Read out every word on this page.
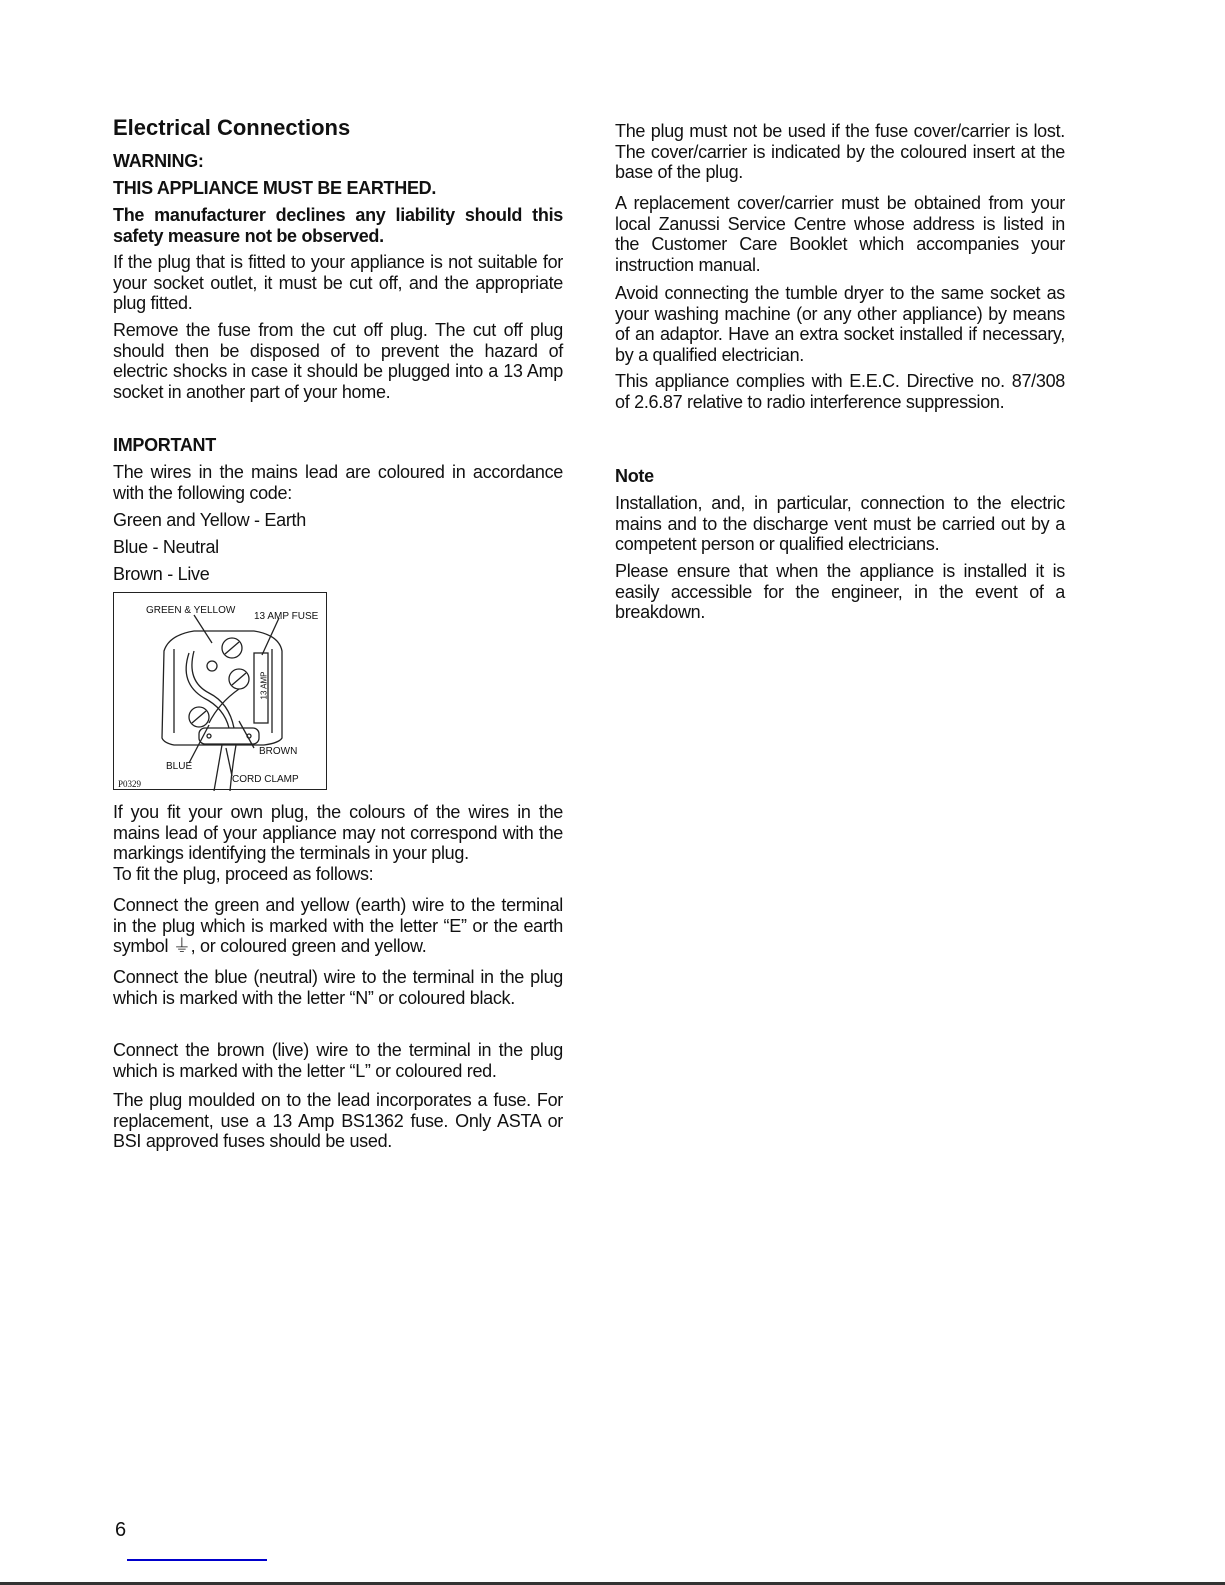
Electrical Connections
WARNING:
THIS APPLIANCE MUST BE EARTHED.
The manufacturer declines any liability should this safety measure not be observed.
If the plug that is fitted to your appliance is not suitable for your socket outlet, it must be cut off, and the appropriate plug fitted.
Remove the fuse from the cut off plug. The cut off plug should then be disposed of to prevent the hazard of electric shocks in case it should be plugged into a 13 Amp socket in another part of your home.
IMPORTANT
The wires in the mains lead are coloured in accordance with the following code:
Green and Yellow - Earth
Blue - Neutral
Brown - Live
GREEN & YELLOW
13 AMP FUSE
13 AMP
BROWN
BLUE
CORD CLAMP
P0329
If you fit your own plug, the colours of the wires in the mains lead of your appliance may not correspond with the markings identifying the terminals in your plug.
To fit the plug, proceed as follows:
Connect the green and yellow (earth) wire to the terminal in the plug which is marked with the letter “E” or the earth symbol ⏚, or coloured green and yellow.
Connect the blue (neutral) wire to the terminal in the plug which is marked with the letter “N” or coloured black.
Connect the brown (live) wire to the terminal in the plug which is marked with the letter “L” or coloured red.
The plug moulded on to the lead incorporates a fuse. For replacement, use a 13 Amp BS1362 fuse. Only ASTA or BSI approved fuses should be used.
The plug must not be used if the fuse cover/carrier is lost. The cover/carrier is indicated by the coloured insert at the base of the plug.
A replacement cover/carrier must be obtained from your local Zanussi Service Centre whose address is listed in the Customer Care Booklet which accompanies your instruction manual.
Avoid connecting the tumble dryer to the same socket as your washing machine (or any other appliance) by means of an adaptor. Have an extra socket installed if necessary, by a qualified electrician.
This appliance complies with E.E.C. Directive no. 87/308 of 2.6.87 relative to radio interference suppression.
Note
Installation, and, in particular, connection to the electric mains and to the discharge vent must be carried out by a competent person or qualified electricians.
Please ensure that when the appliance is installed it is easily accessible for the engineer, in the event of a breakdown.
6
